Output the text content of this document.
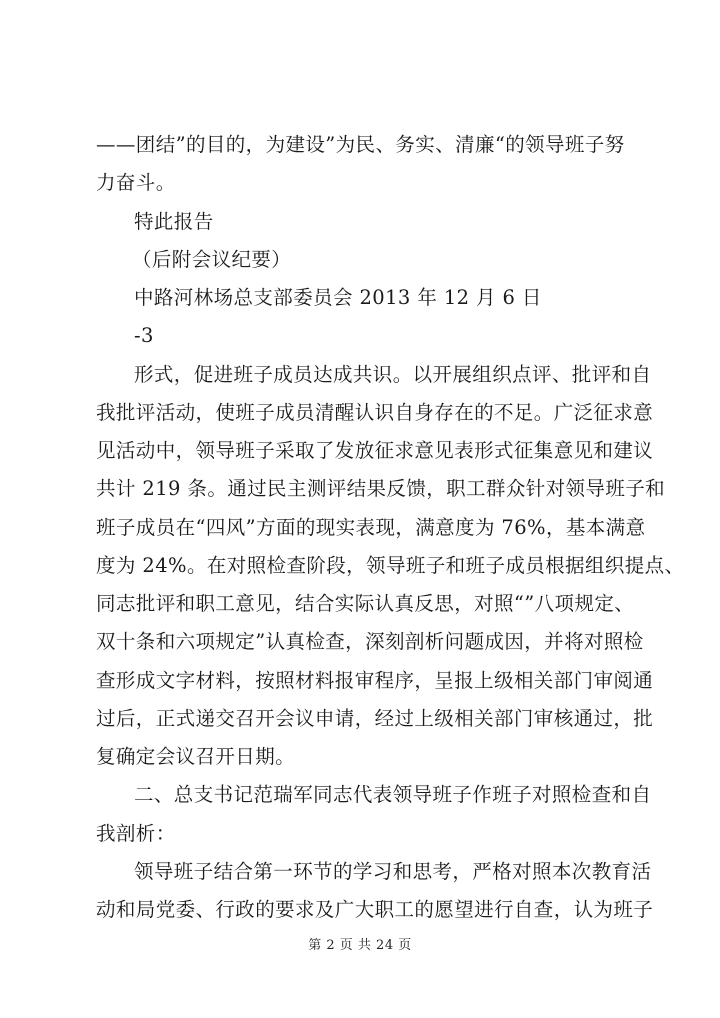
——团结”的目的，为建设”为民、务实、清廉“的领导班子努
力奋斗。
特此报告
（后附会议纪要）
中路河林场总支部委员会 2013 年 12 月 6 日
-3
形式，促进班子成员达成共识。以开展组织点评、批评和自
我批评活动，使班子成员清醒认识自身存在的不足。广泛征求意
见活动中，领导班子采取了发放征求意见表形式征集意见和建议
共计 219 条。通过民主测评结果反馈，职工群众针对领导班子和
班子成员在“四风”方面的现实表现，满意度为 76%，基本满意
度为 24%。在对照检查阶段，领导班子和班子成员根据组织提点、
同志批评和职工意见，结合实际认真反思，对照“”八项规定、
双十条和六项规定”认真检查，深刻剖析问题成因，并将对照检
查形成文字材料，按照材料报审程序，呈报上级相关部门审阅通
过后，正式递交召开会议申请，经过上级相关部门审核通过，批
复确定会议召开日期。
二、总支书记范瑞军同志代表领导班子作班子对照检查和自
我剖析：
领导班子结合第一环节的学习和思考，严格对照本次教育活
动和局党委、行政的要求及广大职工的愿望进行自查，认为班子
第 2 页 共 24 页
